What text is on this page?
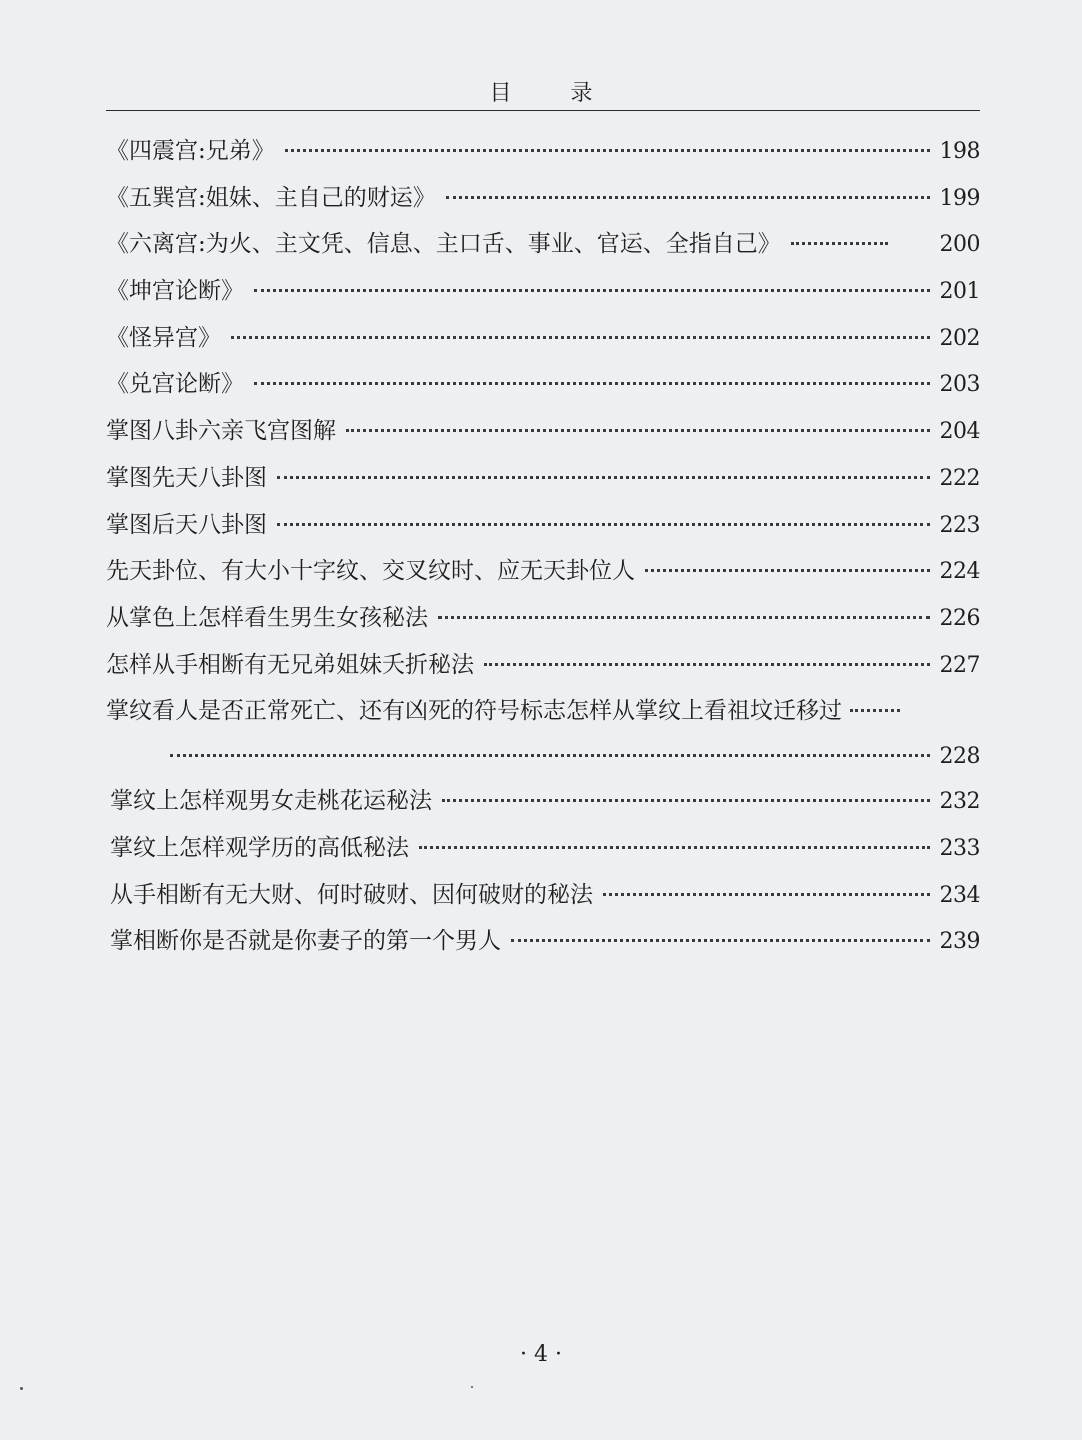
目 录
《四震宫:兄弟》	198
《五巽宫:姐妹、主自己的财运》	199
《六离宫:为火、主文凭、信息、主口舌、事业、官运、全指自己》	200
《坤宫论断》	201
《怪异宫》	202
《兑宫论断》	203
掌图八卦六亲飞宫图解	204
掌图先天八卦图	222
掌图后天八卦图	223
先天卦位、有大小十字纹、交叉纹时、应无天卦位人	224
从掌色上怎样看生男生女孩秘法	226
怎样从手相断有无兄弟姐妹夭折秘法	227
掌纹看人是否正常死亡、还有凶死的符号标志怎样从掌纹上看祖坟迁移过
228
掌纹上怎样观男女走桃花运秘法	232
掌纹上怎样观学历的高低秘法	233
从手相断有无大财、何时破财、因何破财的秘法	234
掌相断你是否就是你妻子的第一个男人	239
· 4 ·
